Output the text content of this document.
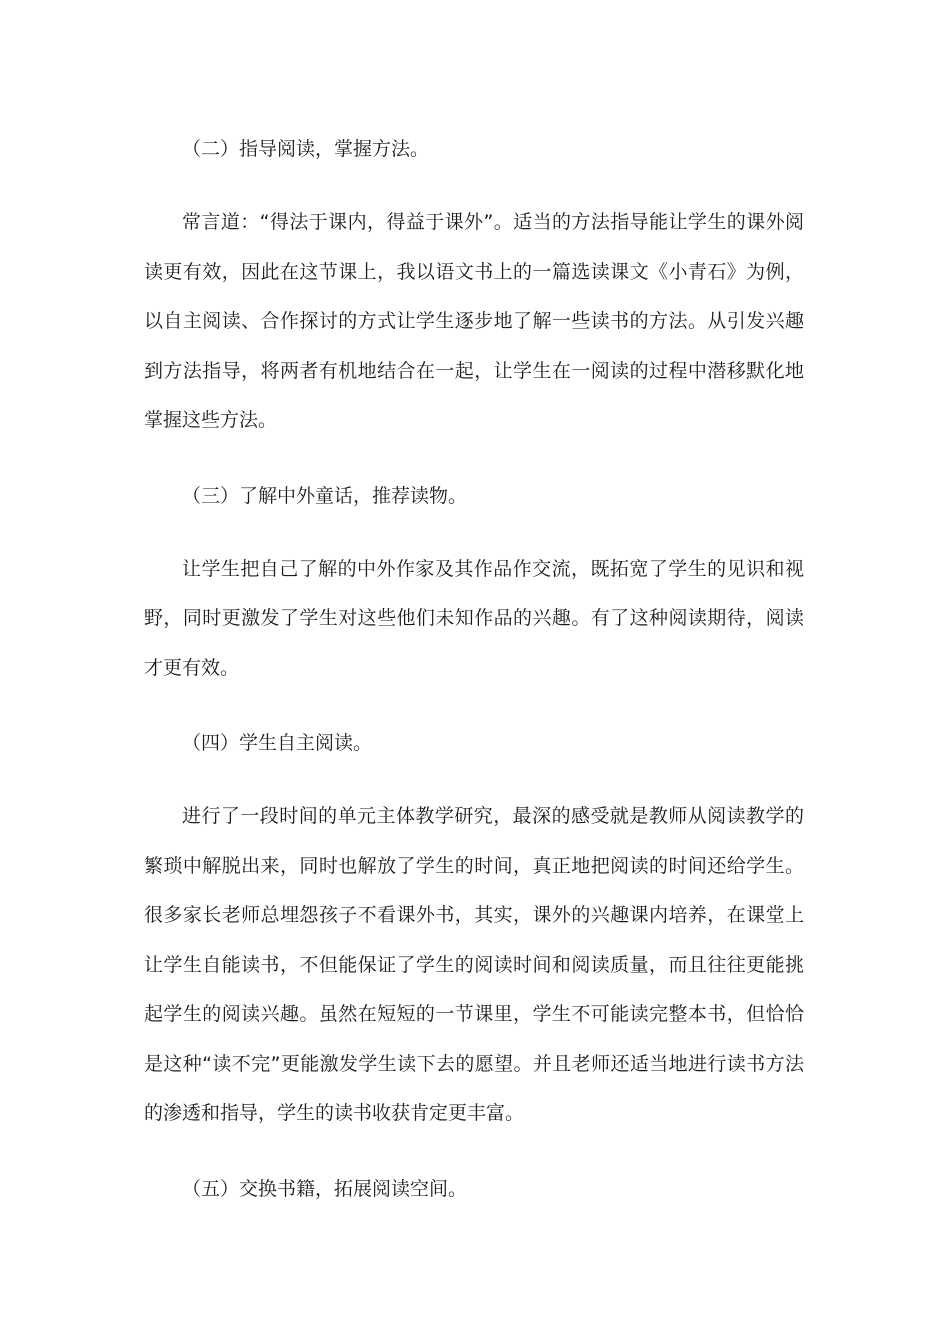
（二）指导阅读，掌握方法。

常言道：“得法于课内，得益于课外”。适当的方法指导能让学生的课外阅读更有效，因此在这节课上，我以语文书上的一篇选读课文《小青石》为例，以自主阅读、合作探讨的方式让学生逐步地了解一些读书的方法。从引发兴趣到方法指导，将两者有机地结合在一起，让学生在一阅读的过程中潜移默化地掌握这些方法。

（三）了解中外童话，推荐读物。

让学生把自己了解的中外作家及其作品作交流，既拓宽了学生的见识和视野，同时更激发了学生对这些他们未知作品的兴趣。有了这种阅读期待，阅读才更有效。

（四）学生自主阅读。

进行了一段时间的单元主体教学研究，最深的感受就是教师从阅读教学的繁琐中解脱出来，同时也解放了学生的时间，真正地把阅读的时间还给学生。很多家长老师总埋怨孩子不看课外书，其实，课外的兴趣课内培养，在课堂上让学生自能读书，不但能保证了学生的阅读时间和阅读质量，而且往往更能挑起学生的阅读兴趣。虽然在短短的一节课里，学生不可能读完整本书，但恰恰是这种“读不完”更能激发学生读下去的愿望。并且老师还适当地进行读书方法的渗透和指导，学生的读书收获肯定更丰富。

（五）交换书籍，拓展阅读空间。
